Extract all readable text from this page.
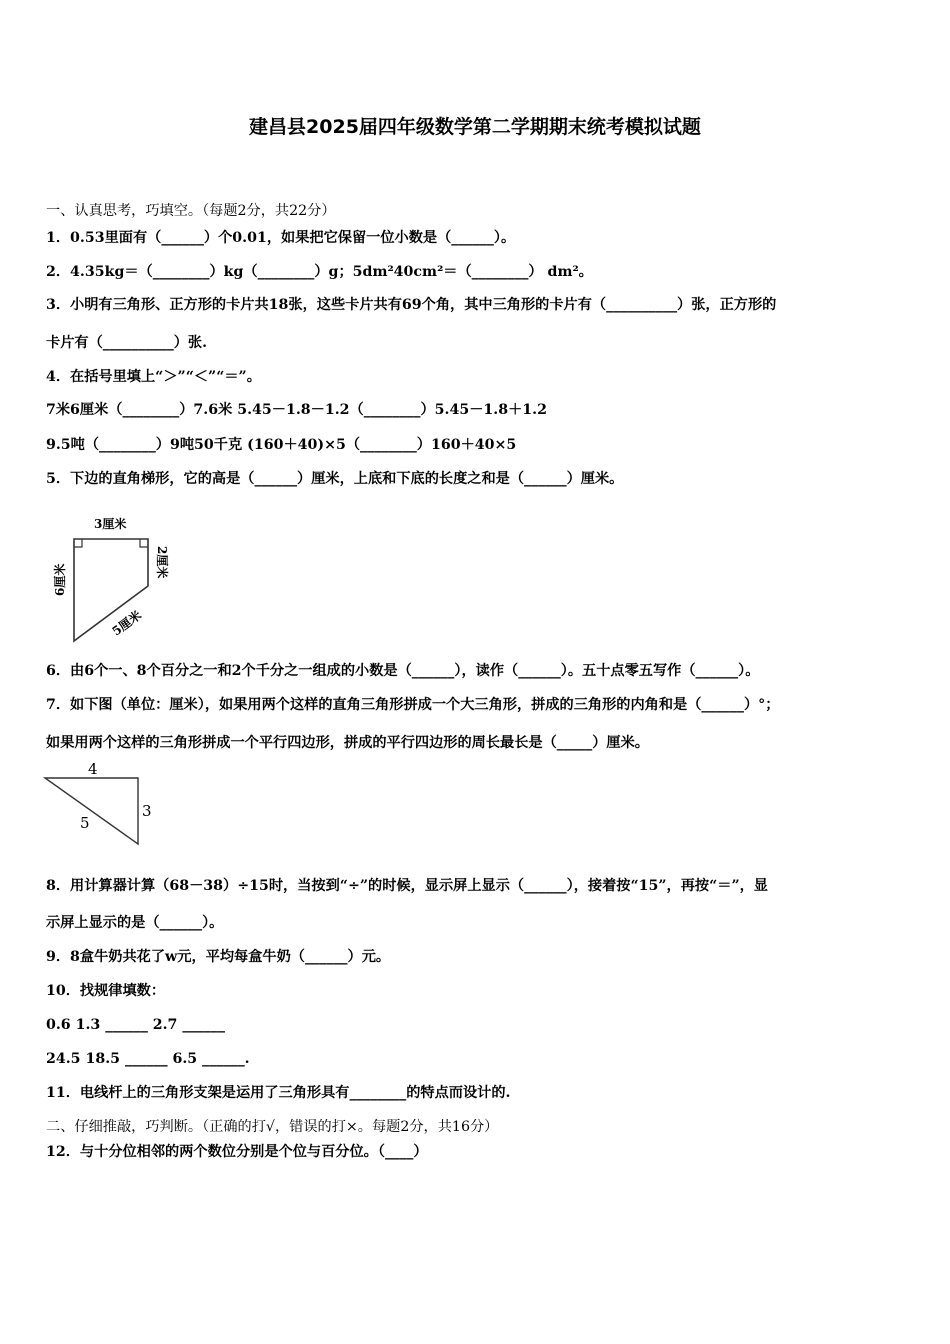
建昌县2025届四年级数学第二学期期末统考模拟试题
一、认真思考，巧填空。（每题2分，共22分）
1．0.53里面有（______）个0.01，如果把它保留一位小数是（______）。
2．4.35kg＝（________）kg（________）g；5dm²40cm²＝（________） dm²。
3．小明有三角形、正方形的卡片共18张，这些卡片共有69个角，其中三角形的卡片有（__________）张，正方形的
卡片有（__________）张.
4．在括号里填上“＞”“＜”“＝”。
7米6厘米（________）7.6米 5.45－1.8－1.2（________）5.45－1.8＋1.2
9.5吨（________）9吨50千克 (160＋40)×5（________）160＋40×5
5．下边的直角梯形，它的高是（______）厘米，上底和下底的长度之和是（______）厘米。
3厘米
2厘米
6厘米
5厘米
6．由6个一、8个百分之一和2个千分之一组成的小数是（______），读作（______）。五十点零五写作（______）。
7．如下图（单位：厘米），如果用两个这样的直角三角形拼成一个大三角形，拼成的三角形的内角和是（______）°；
如果用两个这样的三角形拼成一个平行四边形，拼成的平行四边形的周长最长是（_____）厘米。
4
3
5
8．用计算器计算（68－38）÷15时，当按到“÷”的时候，显示屏上显示（______），接着按“15”，再按“＝”，显
示屏上显示的是（______）。
9．8盒牛奶共花了w元，平均每盒牛奶（______）元。
10．找规律填数：
0.6 1.3 ______ 2.7 ______
24.5 18.5 ______ 6.5 ______.
11．电线杆上的三角形支架是运用了三角形具有________的特点而设计的.
二、仔细推敲，巧判断。（正确的打√，错误的打×。每题2分，共16分）
12．与十分位相邻的两个数位分别是个位与百分位。（____）
